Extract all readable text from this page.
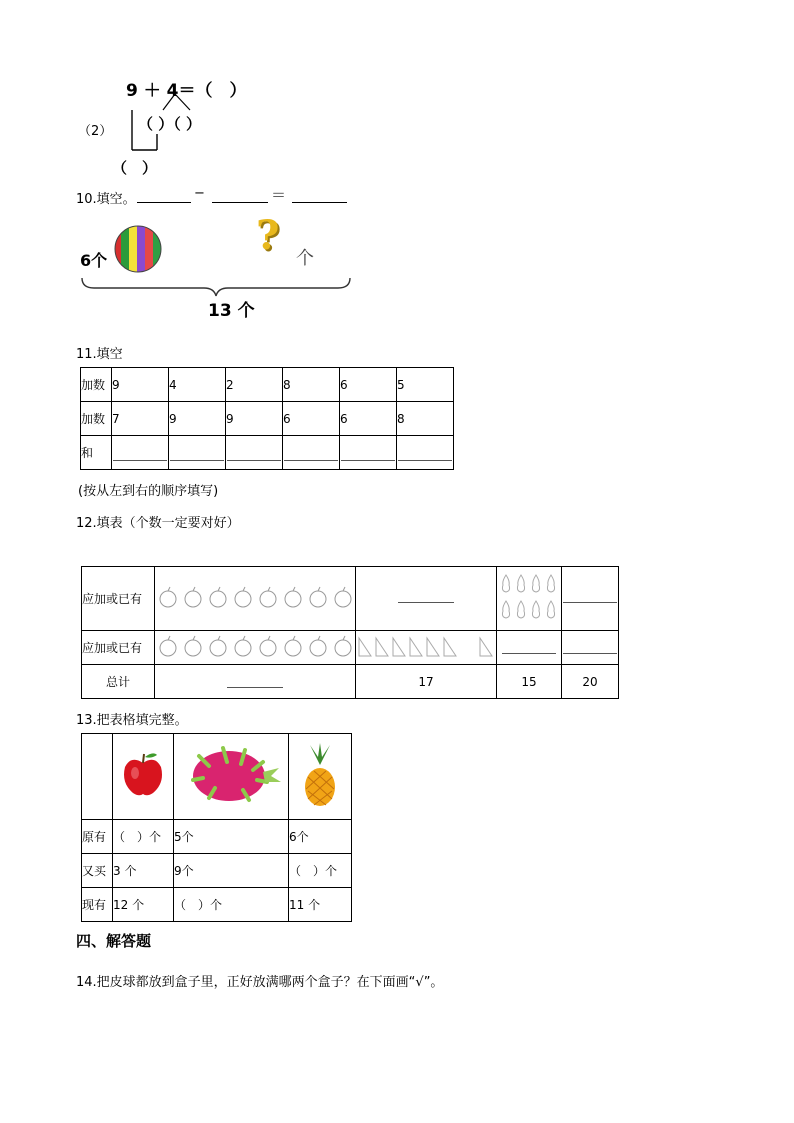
9 ＋ 4＝（　）
（2） （ ）（ ）
（　）
10.填空。	−	＝
6个
? 个
13 个
11.填空
加数	9	4	2	8	6	5
加数	7	9	9	6	6	8
和						
(按从左到右的顺序填写)
12.填表（个数一定要对好）
应加或已有				
应加或已有				
总计		17	15	20
13.把表格填完整。

原有	（　）个	5个	6个
又买	3 个	9个	（　）个
现有	12 个	（　）个	11 个
四、解答题
14.把皮球都放到盒子里，正好放满哪两个盒子？在下面画“√”。
